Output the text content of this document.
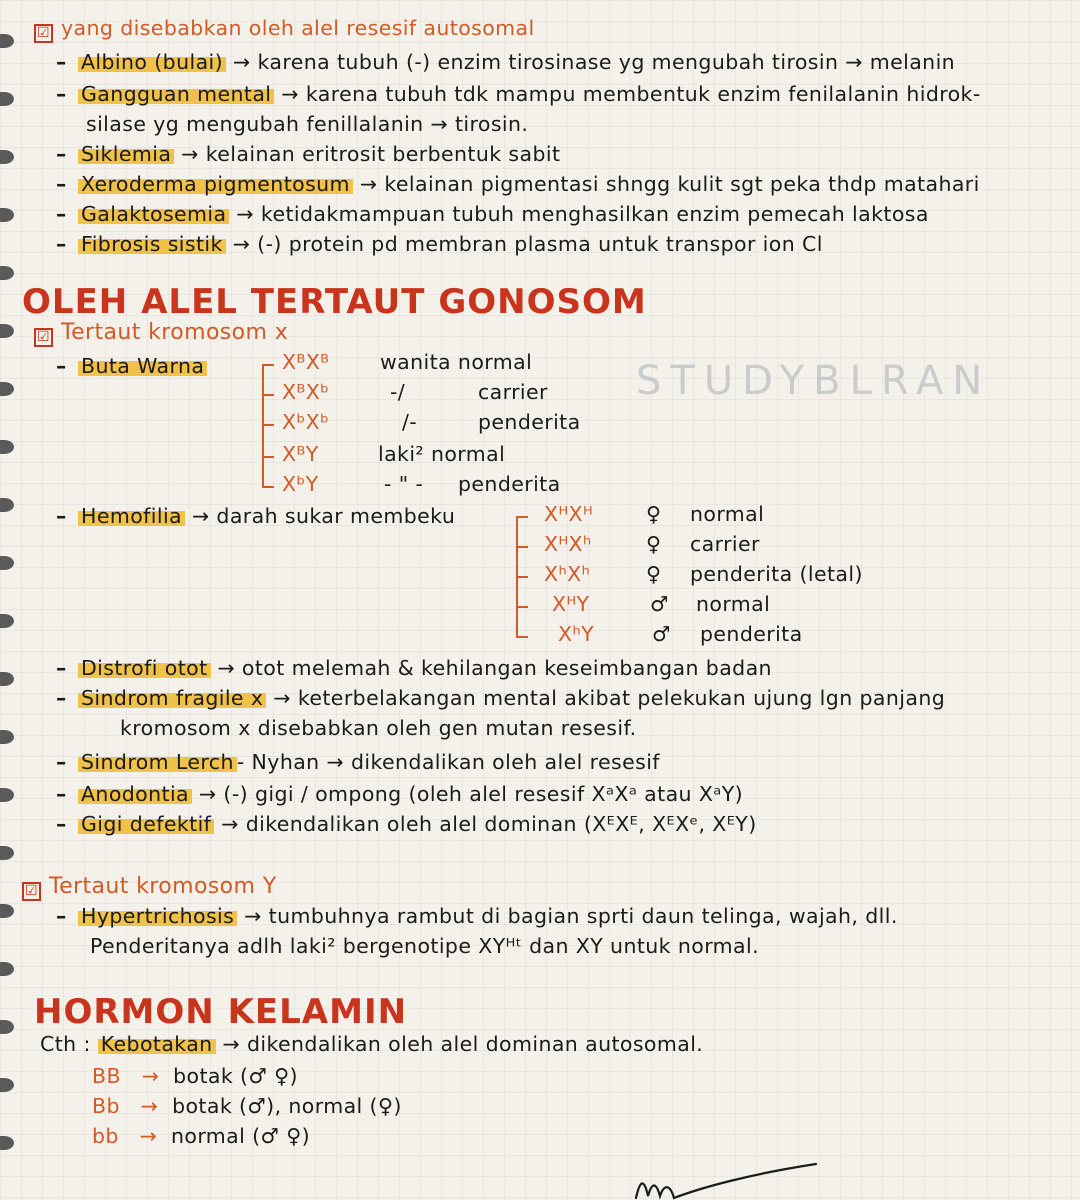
☑ yang disebabkan oleh alel resesif autosomal
– Albino (bulai) → karena tubuh (-) enzim tirosinase yg mengubah tirosin → melanin
– Gangguan mental → karena tubuh tdk mampu membentuk enzim fenilalanin hidrok-
silase yg mengubah fenillalanin → tirosin.
– Siklemia → kelainan eritrosit berbentuk sabit
– Xeroderma pigmentosum → kelainan pigmentasi shngg kulit sgt peka thdp matahari
– Galaktosemia → ketidakmampuan tubuh menghasilkan enzim pemecah laktosa
– Fibrosis sistik → (-) protein pd membran plasma untuk transpor ion Cl
OLEH ALEL TERTAUT GONOSOM
☑ Tertaut kromosom x
– Buta Warna	XᴮXᴮ wanita normal
XᴮXᵇ	-/	carrier
XᵇXᵇ	/-	penderita
XᴮY	laki² normal
XᵇY	- " - penderita
STUDYBLRAN
– Hemofilia → darah sukar membeku	XᴴXᴴ	♀ normal
XᴴXʰ	♀ carrier
XʰXʰ	♀ penderita (letal)
XᴴY	♂ normal
XʰY	♂ penderita
– Distrofi otot → otot melemah & kehilangan keseimbangan badan
– Sindrom fragile x → keterbelakangan mental akibat pelekukan ujung lgn panjang
kromosom x disebabkan oleh gen mutan resesif.
– Sindrom Lerch - Nyhan → dikendalikan oleh alel resesif
– Anodontia → (-) gigi / ompong (oleh alel resesif XᵃXᵃ atau XᵃY)
– Gigi defektif → dikendalikan oleh alel dominan (XᴱXᴱ, XᴱXᵉ, XᴱY)
☑ Tertaut kromosom Y
– Hypertrichosis → tumbuhnya rambut di bagian sprti daun telinga, wajah, dll.
Penderitanya adlh laki² bergenotipe XYᴴᵗ dan XY untuk normal.
HORMON KELAMIN
Cth : Kebotakan → dikendalikan oleh alel dominan autosomal.
BB → botak (♂ ♀)
Bb → botak (♂), normal (♀)
bb → normal (♂ ♀)
